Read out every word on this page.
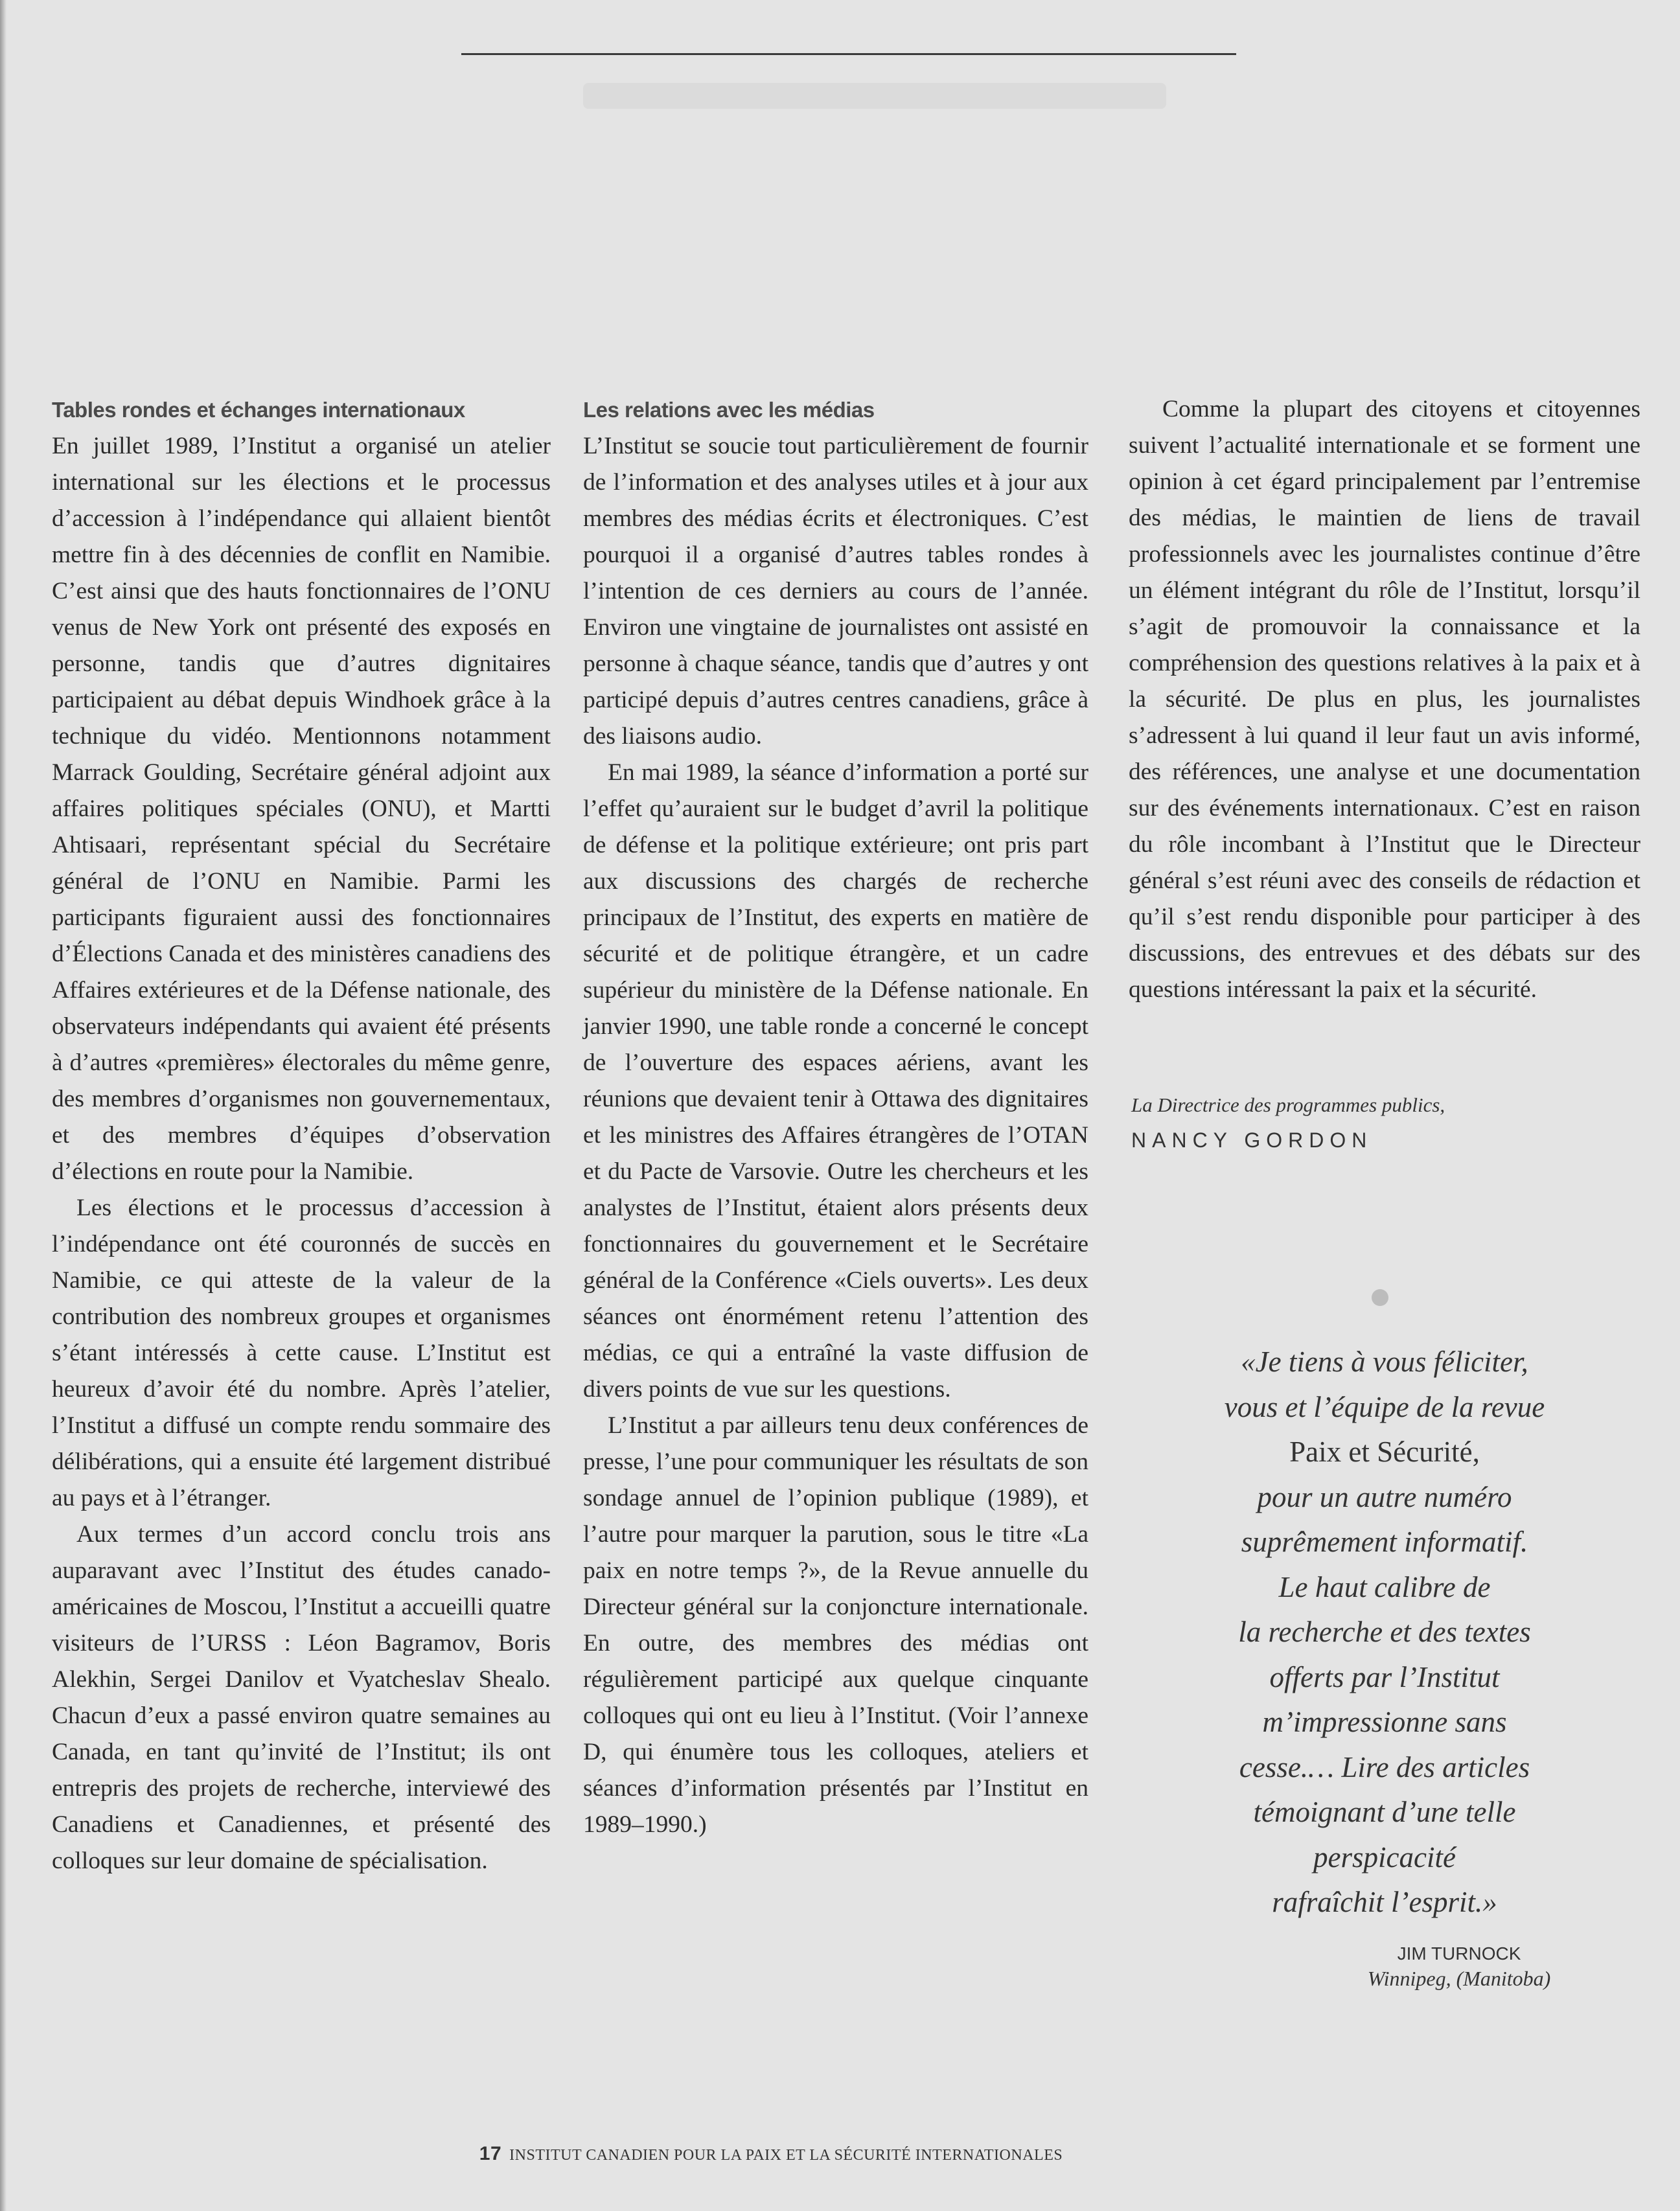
Tables rondes et échanges internationaux

En juillet 1989, l’Institut a organisé un atelier international sur les élections et le processus d’accession à l’indépendance qui allaient bientôt mettre fin à des décennies de conflit en Namibie. C’est ainsi que des hauts fonctionnaires de l’ONU venus de New York ont présenté des exposés en personne, tandis que d’autres dignitaires participaient au débat depuis Windhoek grâce à la technique du vidéo. Mentionnons notamment Marrack Goulding, Secrétaire général adjoint aux affaires politiques spéciales (ONU), et Martti Ahtisaari, représentant spécial du Secrétaire général de l’ONU en Namibie. Parmi les participants figuraient aussi des fonctionnaires d’Élections Canada et des ministères canadiens des Affaires extérieures et de la Défense nationale, des observateurs indépendants qui avaient été présents à d’autres «premières» électorales du même genre, des membres d’organismes non gouvernementaux, et des membres d’équipes d’observation d’élections en route pour la Namibie.

Les élections et le processus d’accession à l’indépendance ont été couronnés de succès en Namibie, ce qui atteste de la valeur de la contribution des nombreux groupes et organismes s’étant intéressés à cette cause. L’Institut est heureux d’avoir été du nombre. Après l’atelier, l’Institut a diffusé un compte rendu sommaire des délibérations, qui a ensuite été largement distribué au pays et à l’étranger.

Aux termes d’un accord conclu trois ans auparavant avec l’Institut des études canado-américaines de Moscou, l’Institut a accueilli quatre visiteurs de l’URSS : Léon Bagramov, Boris Alekhin, Sergei Danilov et Vyatcheslav Shealo. Chacun d’eux a passé environ quatre semaines au Canada, en tant qu’invité de l’Institut; ils ont entrepris des projets de recherche, interviewé des Canadiens et Canadiennes, et présenté des colloques sur leur domaine de spécialisation.

Les relations avec les médias

L’Institut se soucie tout particulièrement de fournir de l’information et des analyses utiles et à jour aux membres des médias écrits et électroniques. C’est pourquoi il a organisé d’autres tables rondes à l’intention de ces derniers au cours de l’année. Environ une vingtaine de journalistes ont assisté en personne à chaque séance, tandis que d’autres y ont participé depuis d’autres centres canadiens, grâce à des liaisons audio.

En mai 1989, la séance d’information a porté sur l’effet qu’auraient sur le budget d’avril la politique de défense et la politique extérieure; ont pris part aux discussions des chargés de recherche principaux de l’Institut, des experts en matière de sécurité et de politique étrangère, et un cadre supérieur du ministère de la Défense nationale. En janvier 1990, une table ronde a concerné le concept de l’ouverture des espaces aériens, avant les réunions que devaient tenir à Ottawa des dignitaires et les ministres des Affaires étrangères de l’OTAN et du Pacte de Varsovie. Outre les chercheurs et les analystes de l’Institut, étaient alors présents deux fonctionnaires du gouvernement et le Secrétaire général de la Conférence «Ciels ouverts». Les deux séances ont énormément retenu l’attention des médias, ce qui a entraîné la vaste diffusion de divers points de vue sur les questions.

L’Institut a par ailleurs tenu deux conférences de presse, l’une pour communiquer les résultats de son sondage annuel de l’opinion publique (1989), et l’autre pour marquer la parution, sous le titre «La paix en notre temps ?», de la Revue annuelle du Directeur général sur la conjoncture internationale. En outre, des membres des médias ont régulièrement participé aux quelque cinquante colloques qui ont eu lieu à l’Institut. (Voir l’annexe D, qui énumère tous les colloques, ateliers et séances d’information présentés par l’Institut en 1989–1990.)

Comme la plupart des citoyens et citoyennes suivent l’actualité internationale et se forment une opinion à cet égard principalement par l’entremise des médias, le maintien de liens de travail professionnels avec les journalistes continue d’être un élément intégrant du rôle de l’Institut, lorsqu’il s’agit de promouvoir la connaissance et la compréhension des questions relatives à la paix et à la sécurité. De plus en plus, les journalistes s’adressent à lui quand il leur faut un avis informé, des références, une analyse et une documentation sur des événements internationaux. C’est en raison du rôle incombant à l’Institut que le Directeur général s’est réuni avec des conseils de rédaction et qu’il s’est rendu disponible pour participer à des discussions, des entrevues et des débats sur des questions intéressant la paix et la sécurité.

La Directrice des programmes publics,
NANCY GORDON
«Je tiens à vous féliciter,
vous et l’équipe de la revue
Paix et Sécurité,
pour un autre numéro
suprêmement informatif.
Le haut calibre de
la recherche et des textes
offerts par l’Institut
m’impressionne sans
cesse.… Lire des articles
témoignant d’une telle
perspicacité
rafraîchit l’esprit.»
JIM TURNOCK
Winnipeg, (Manitoba)
17 INSTITUT CANADIEN POUR LA PAIX ET LA SÉCURITÉ INTERNATIONALES
